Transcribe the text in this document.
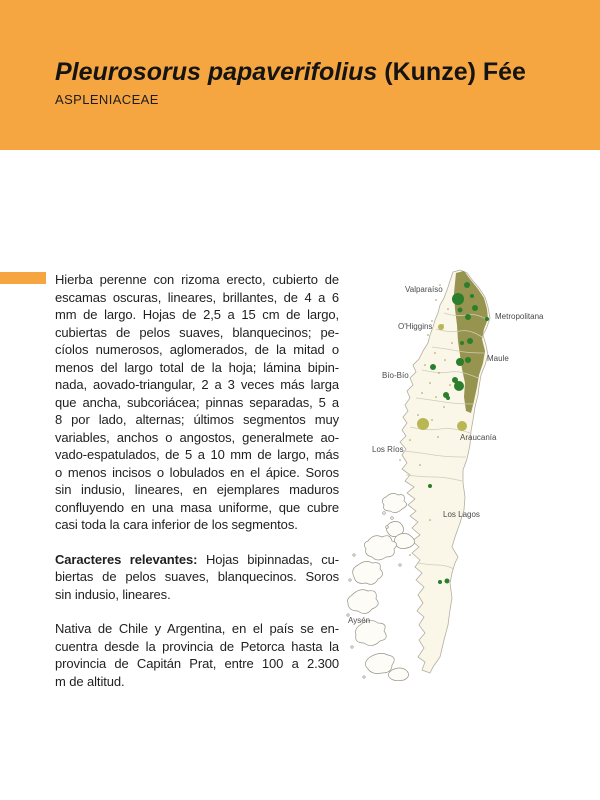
Pleurosorus papaverifolius (Kunze) Fée
ASPLENIACEAE
Hierba perenne con rizoma erecto, cubierto de
escamas oscuras, lineares, brillantes, de 4 a 6
mm de largo. Hojas de 2,5 a 15 cm de largo,
cubiertas de pelos suaves, blanquecinos; pe-
cíolos numerosos, aglomerados, de la mitad o
menos del largo total de la hoja; lámina bipin-
nada, aovado-triangular, 2 a 3 veces más larga
que ancha, subcoriácea; pinnas separadas, 5 a
8 por lado, alternas; últimos segmentos muy
variables, anchos o angostos, generalmete ao-
vado-espatulados, de 5 a 10 mm de largo, más
o menos incisos o lobulados en el ápice. Soros
sin indusio, lineares, en ejemplares maduros
confluyendo en una masa uniforme, que cubre
casi toda la cara inferior de los segmentos.
Caracteres relevantes: Hojas bipinnadas, cu-
biertas de pelos suaves, blanquecinos. Soros
sin indusio, lineares.
Nativa de Chile y Argentina, en el país se en-
cuentra desde la provincia de Petorca hasta la
provincia de Capitán Prat, entre 100 a 2.300
m de altitud.
Valparaíso
Metropolitana
O'Higgins
Maule
Bío-Bío
Araucanía
Los Ríos
Los Lagos
Aysén
